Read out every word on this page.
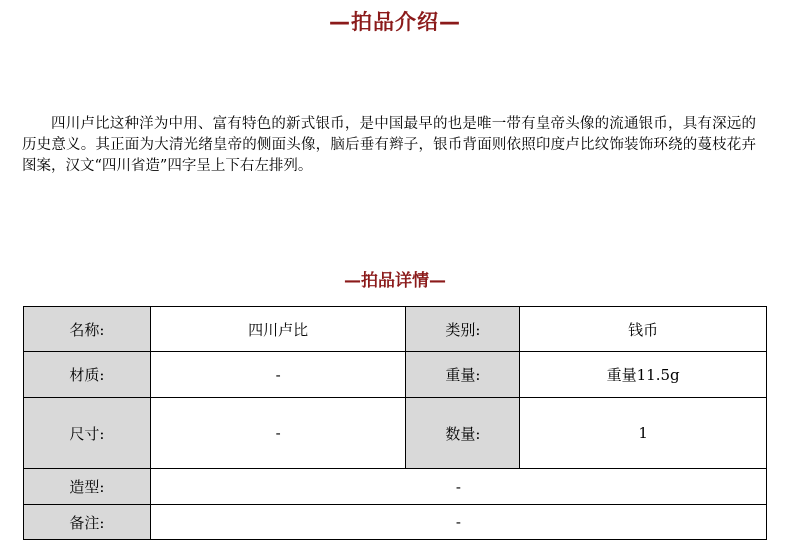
—拍品介绍—
四川卢比这种洋为中用、富有特色的新式银币，是中国最早的也是唯一带有皇帝头像的流通银币，具有深远的历史意义。其正面为大清光绪皇帝的侧面头像，脑后垂有辫子，银币背面则依照印度卢比纹饰装饰环绕的蔓枝花卉图案，汉文“四川省造”四字呈上下右左排列。
—拍品详情—
名称:	四川卢比	类别:	钱币
材质:	-	重量:	重量11.5g
尺寸:	-	数量:	1
造型:	-		
备注:	-		
